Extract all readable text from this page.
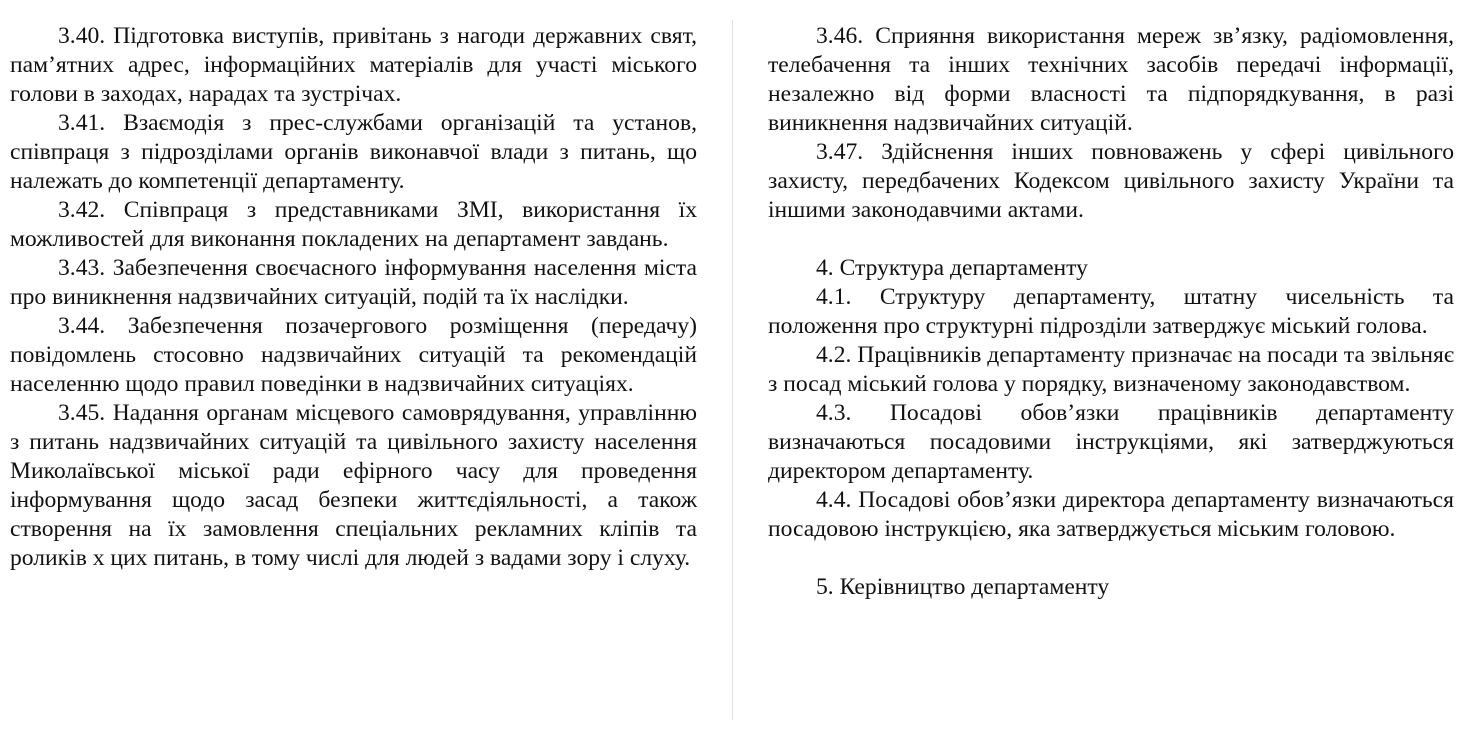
3.40. Підготовка виступів, привітань з нагоди державних свят, пам’ятних адрес, інформаційних матеріалів для участі міського голови в заходах, нарадах та зустрічах.

3.41. Взаємодія з прес-службами організацій та установ, співпраця з підрозділами органів виконавчої влади з питань, що належать до компетенції департаменту.

3.42. Співпраця з представниками ЗМІ, використання їх можливостей для виконання покладених на департамент завдань.

3.43. Забезпечення своєчасного інформування населення міста про виникнення надзвичайних ситуацій, подій та їх наслідки.

3.44. Забезпечення позачергового розміщення (передачу) повідомлень стосовно надзвичайних ситуацій та рекомендацій населенню щодо правил поведінки в надзвичайних ситуаціях.

3.45. Надання органам місцевого самоврядування, управлінню з питань надзвичайних ситуацій та цивільного захисту населення Миколаївської міської ради ефірного часу для проведення інформування щодо засад безпеки життєдіяльності, а також створення на їх замовлення спеціальних рекламних кліпів та роликів х цих питань, в тому числі для людей з вадами зору і слуху.

3.46. Сприяння використання мереж зв’язку, радіомовлення, телебачення та інших технічних засобів передачі інформації, незалежно від форми власності та підпорядкування, в разі виникнення надзвичайних ситуацій.

3.47. Здійснення інших повноважень у сфері цивільного захисту, передбачених Кодексом цивільного захисту України та іншими законодавчими актами.

4. Структура департаменту

4.1. Структуру департаменту, штатну чисельність та положення про структурні підрозділи затверджує міський голова.

4.2. Працівників департаменту призначає на посади та звільняє з посад міський голова у порядку, визначеному законодавством.

4.3. Посадові обов’язки працівників департаменту визначаються посадовими інструкціями, які затверджуються директором департаменту.

4.4. Посадові обов’язки директора департаменту визначаються посадовою інструкцією, яка затверджується міським головою.

5. Керівництво департаменту
